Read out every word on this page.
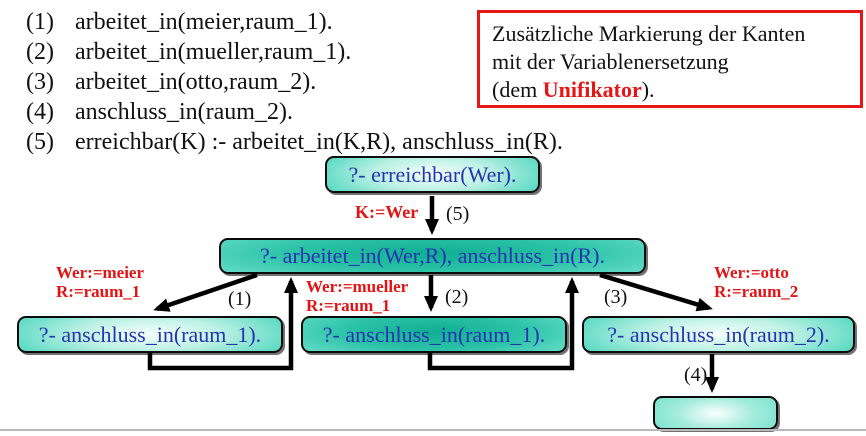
(1) arbeitet_in(meier,raum_1).
(2) arbeitet_in(mueller,raum_1).
(3) arbeitet_in(otto,raum_2).
(4) anschluss_in(raum_2).
(5) erreichbar(K) :- arbeitet_in(K,R), anschluss_in(R).
Zusätzliche Markierung der Kanten
mit der Variablenersetzung
(dem Unifikator).
?- erreichbar(Wer).
?- arbeitet_in(Wer,R), anschluss_in(R).
?- anschluss_in(raum_1).	?- anschluss_in(raum_1).	?- anschluss_in(raum_2).
K:=Wer (5)
Wer:=meier
R:=raum_1	(1)
Wer:=mueller
R:=raum_1	(2)
Wer:=otto
R:=raum_2
(3)
(4)
